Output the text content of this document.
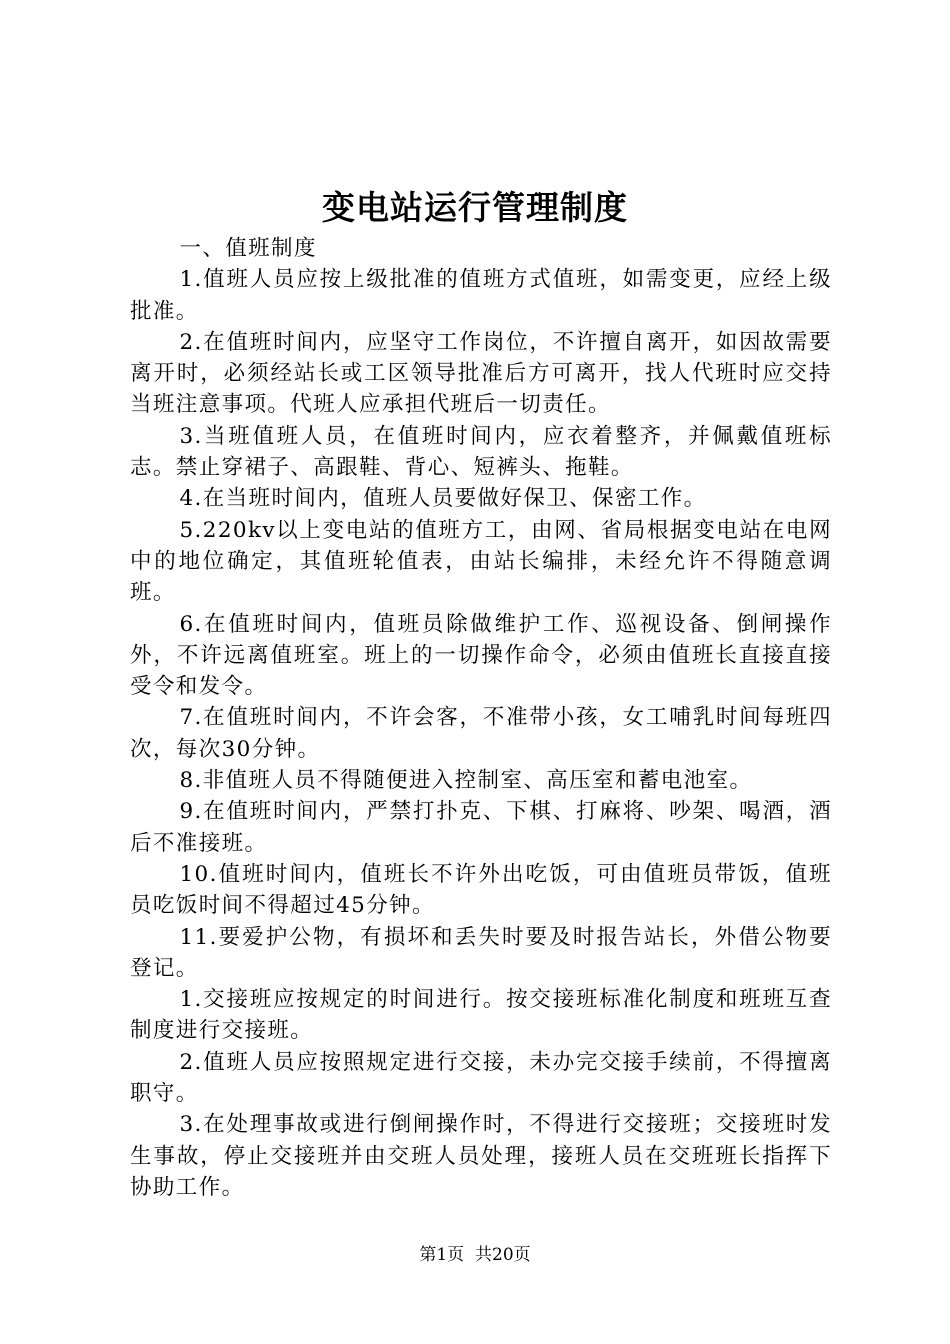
变电站运行管理制度

一、值班制度

1.值班人员应按上级批准的值班方式值班，如需变更，应经上级批准。

2.在值班时间内，应坚守工作岗位，不许擅自离开，如因故需要离开时，必须经站长或工区领导批准后方可离开，找人代班时应交持当班注意事项。代班人应承担代班后一切责任。

3.当班值班人员，在值班时间内，应衣着整齐，并佩戴值班标志。禁止穿裙子、高跟鞋、背心、短裤头、拖鞋。

4.在当班时间内，值班人员要做好保卫、保密工作。

5.220kv以上变电站的值班方工，由网、省局根据变电站在电网中的地位确定，其值班轮值表，由站长编排，未经允许不得随意调班。

6.在值班时间内，值班员除做维护工作、巡视设备、倒闸操作外，不许远离值班室。班上的一切操作命令，必须由值班长直接直接受令和发令。

7.在值班时间内，不许会客，不准带小孩，女工哺乳时间每班四次，每次30分钟。

8.非值班人员不得随便进入控制室、高压室和蓄电池室。

9.在值班时间内，严禁打扑克、下棋、打麻将、吵架、喝酒，酒后不准接班。

10.值班时间内，值班长不许外出吃饭，可由值班员带饭，值班员吃饭时间不得超过45分钟。

11.要爱护公物，有损坏和丢失时要及时报告站长，外借公物要登记。

1.交接班应按规定的时间进行。按交接班标准化制度和班班互查制度进行交接班。

2.值班人员应按照规定进行交接，未办完交接手续前，不得擅离职守。

3.在处理事故或进行倒闸操作时，不得进行交接班；交接班时发生事故，停止交接班并由交班人员处理，接班人员在交班班长指挥下协助工作。

第1页 共20页
